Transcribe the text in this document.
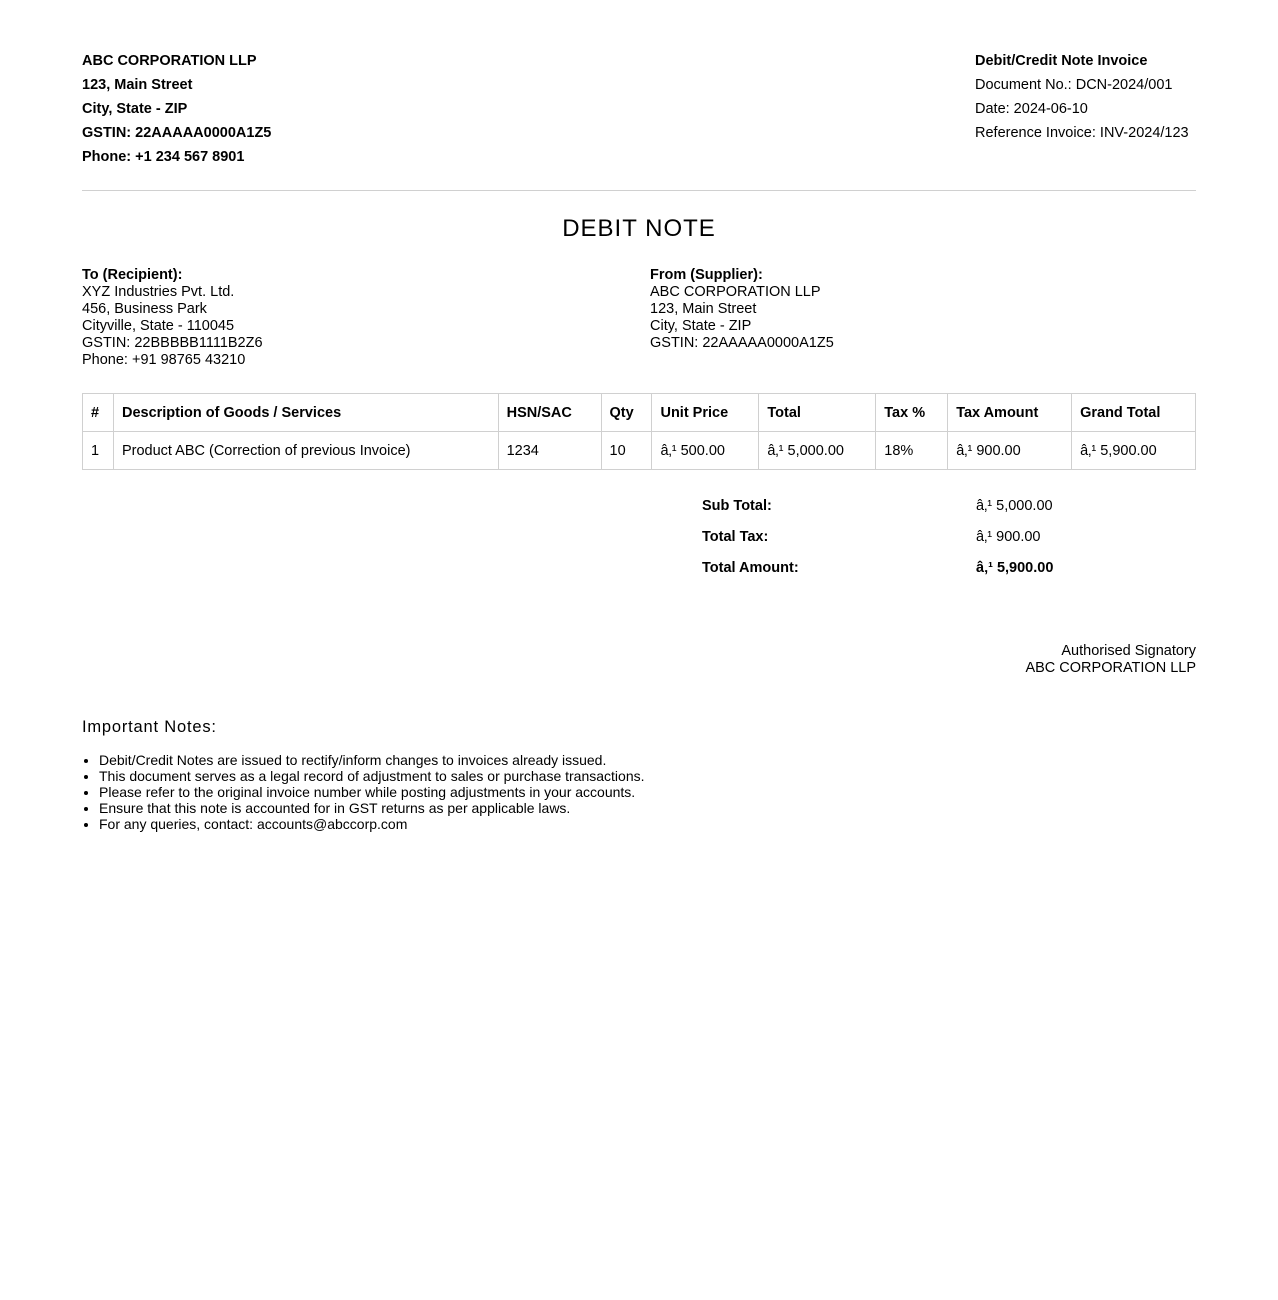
ABC CORPORATION LLP
123, Main Street
City, State - ZIP
GSTIN: 22AAAAA0000A1Z5
Phone: +1 234 567 8901
Debit/Credit Note Invoice
Document No.: DCN-2024/001
Date: 2024-06-10
Reference Invoice: INV-2024/123
DEBIT NOTE
To (Recipient):
XYZ Industries Pvt. Ltd.
456, Business Park
Cityville, State - 110045
GSTIN: 22BBBBB1111B2Z6
Phone: +91 98765 43210
From (Supplier):
ABC CORPORATION LLP
123, Main Street
City, State - ZIP
GSTIN: 22AAAAA0000A1Z5
#	Description of Goods / Services	HSN/SAC	Qty	Unit Price	Total	Tax %	Tax Amount	Grand Total
1	Product ABC (Correction of previous Invoice)	1234	10	â‚¹ 500.00	â‚¹ 5,000.00	18%	â‚¹ 900.00	â‚¹ 5,900.00
Sub Total:	â‚¹ 5,000.00
Total Tax:	â‚¹ 900.00
Total Amount:	â‚¹ 5,900.00
Authorised Signatory
ABC CORPORATION LLP
Important Notes:
• Debit/Credit Notes are issued to rectify/inform changes to invoices already issued.
• This document serves as a legal record of adjustment to sales or purchase transactions.
• Please refer to the original invoice number while posting adjustments in your accounts.
• Ensure that this note is accounted for in GST returns as per applicable laws.
• For any queries, contact: accounts@abccorp.com
